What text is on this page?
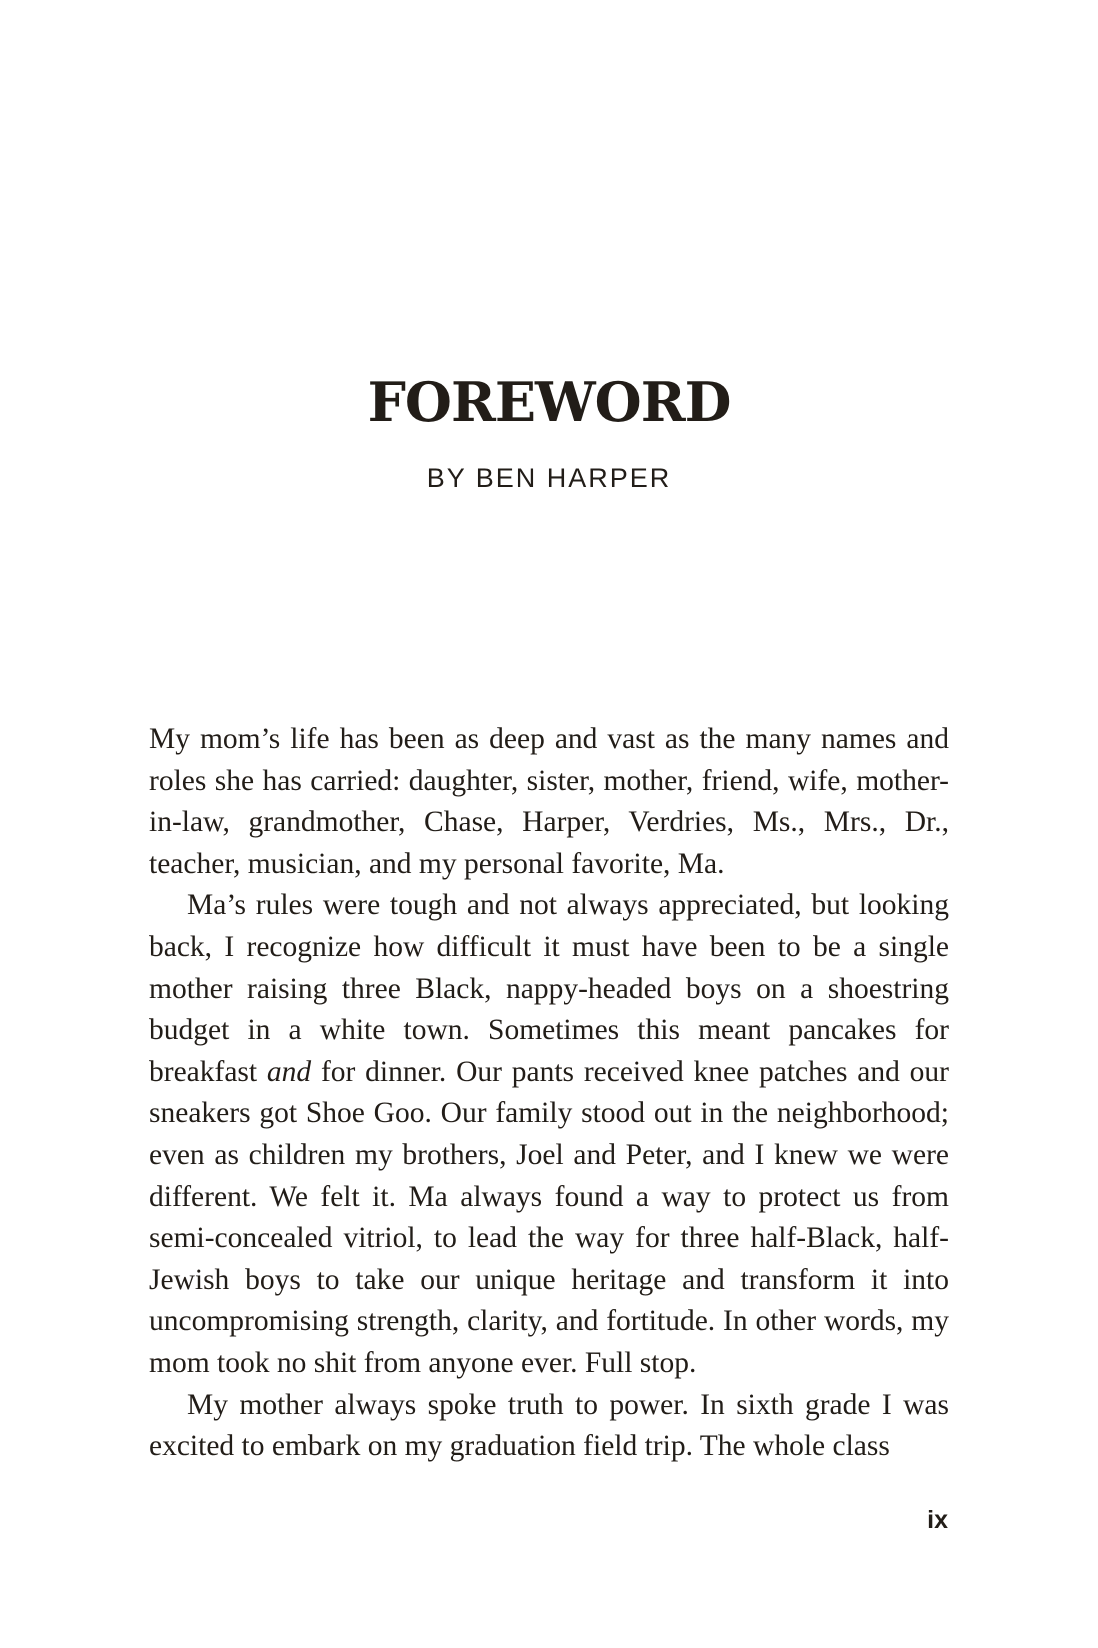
FOREWORD
BY BEN HARPER

My mom’s life has been as deep and vast as the many names and roles she has carried: daughter, sister, mother, friend, wife, mother-in-law, grandmother, Chase, Harper, Verdries, Ms., Mrs., Dr., teacher, musician, and my personal favorite, Ma.

Ma’s rules were tough and not always appreciated, but looking back, I recognize how difficult it must have been to be a single mother raising three Black, nappy-headed boys on a shoestring budget in a white town. Sometimes this meant pancakes for breakfast and for dinner. Our pants received knee patches and our sneakers got Shoe Goo. Our family stood out in the neighborhood; even as children my brothers, Joel and Peter, and I knew we were different. We felt it. Ma always found a way to protect us from semi-concealed vitriol, to lead the way for three half-Black, half-Jewish boys to take our unique heritage and transform it into uncompromising strength, clarity, and fortitude. In other words, my mom took no shit from anyone ever. Full stop.

My mother always spoke truth to power. In sixth grade I was excited to embark on my graduation field trip. The whole class

ix
